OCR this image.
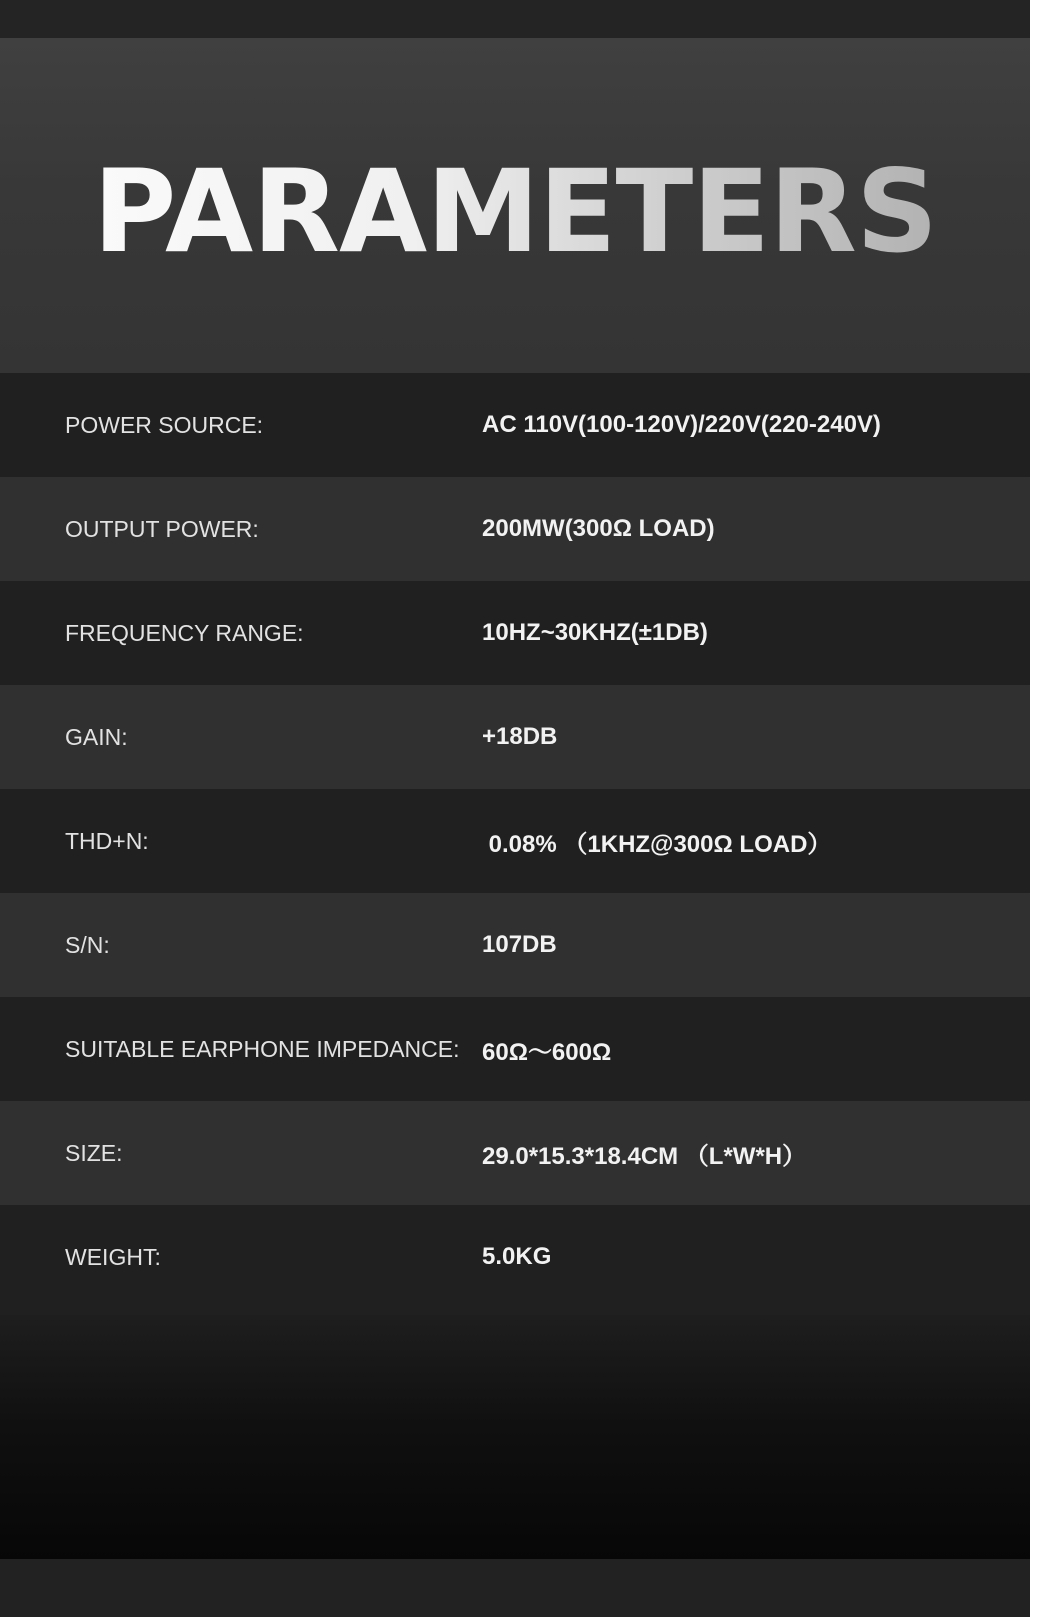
PARAMETERS
POWER SOURCE:	AC 110V(100-120V)/220V(220-240V)
OUTPUT POWER:	200MW(300Ω LOAD)
FREQUENCY RANGE:	10HZ~30KHZ(±1DB)
GAIN:	+18DB
THD+N:	0.08% （1KHZ@300Ω LOAD）
S/N:	107DB
SUITABLE EARPHONE IMPEDANCE: 60Ω～600Ω
SIZE:	29.0*15.3*18.4CM （L*W*H）
WEIGHT:	5.0KG
